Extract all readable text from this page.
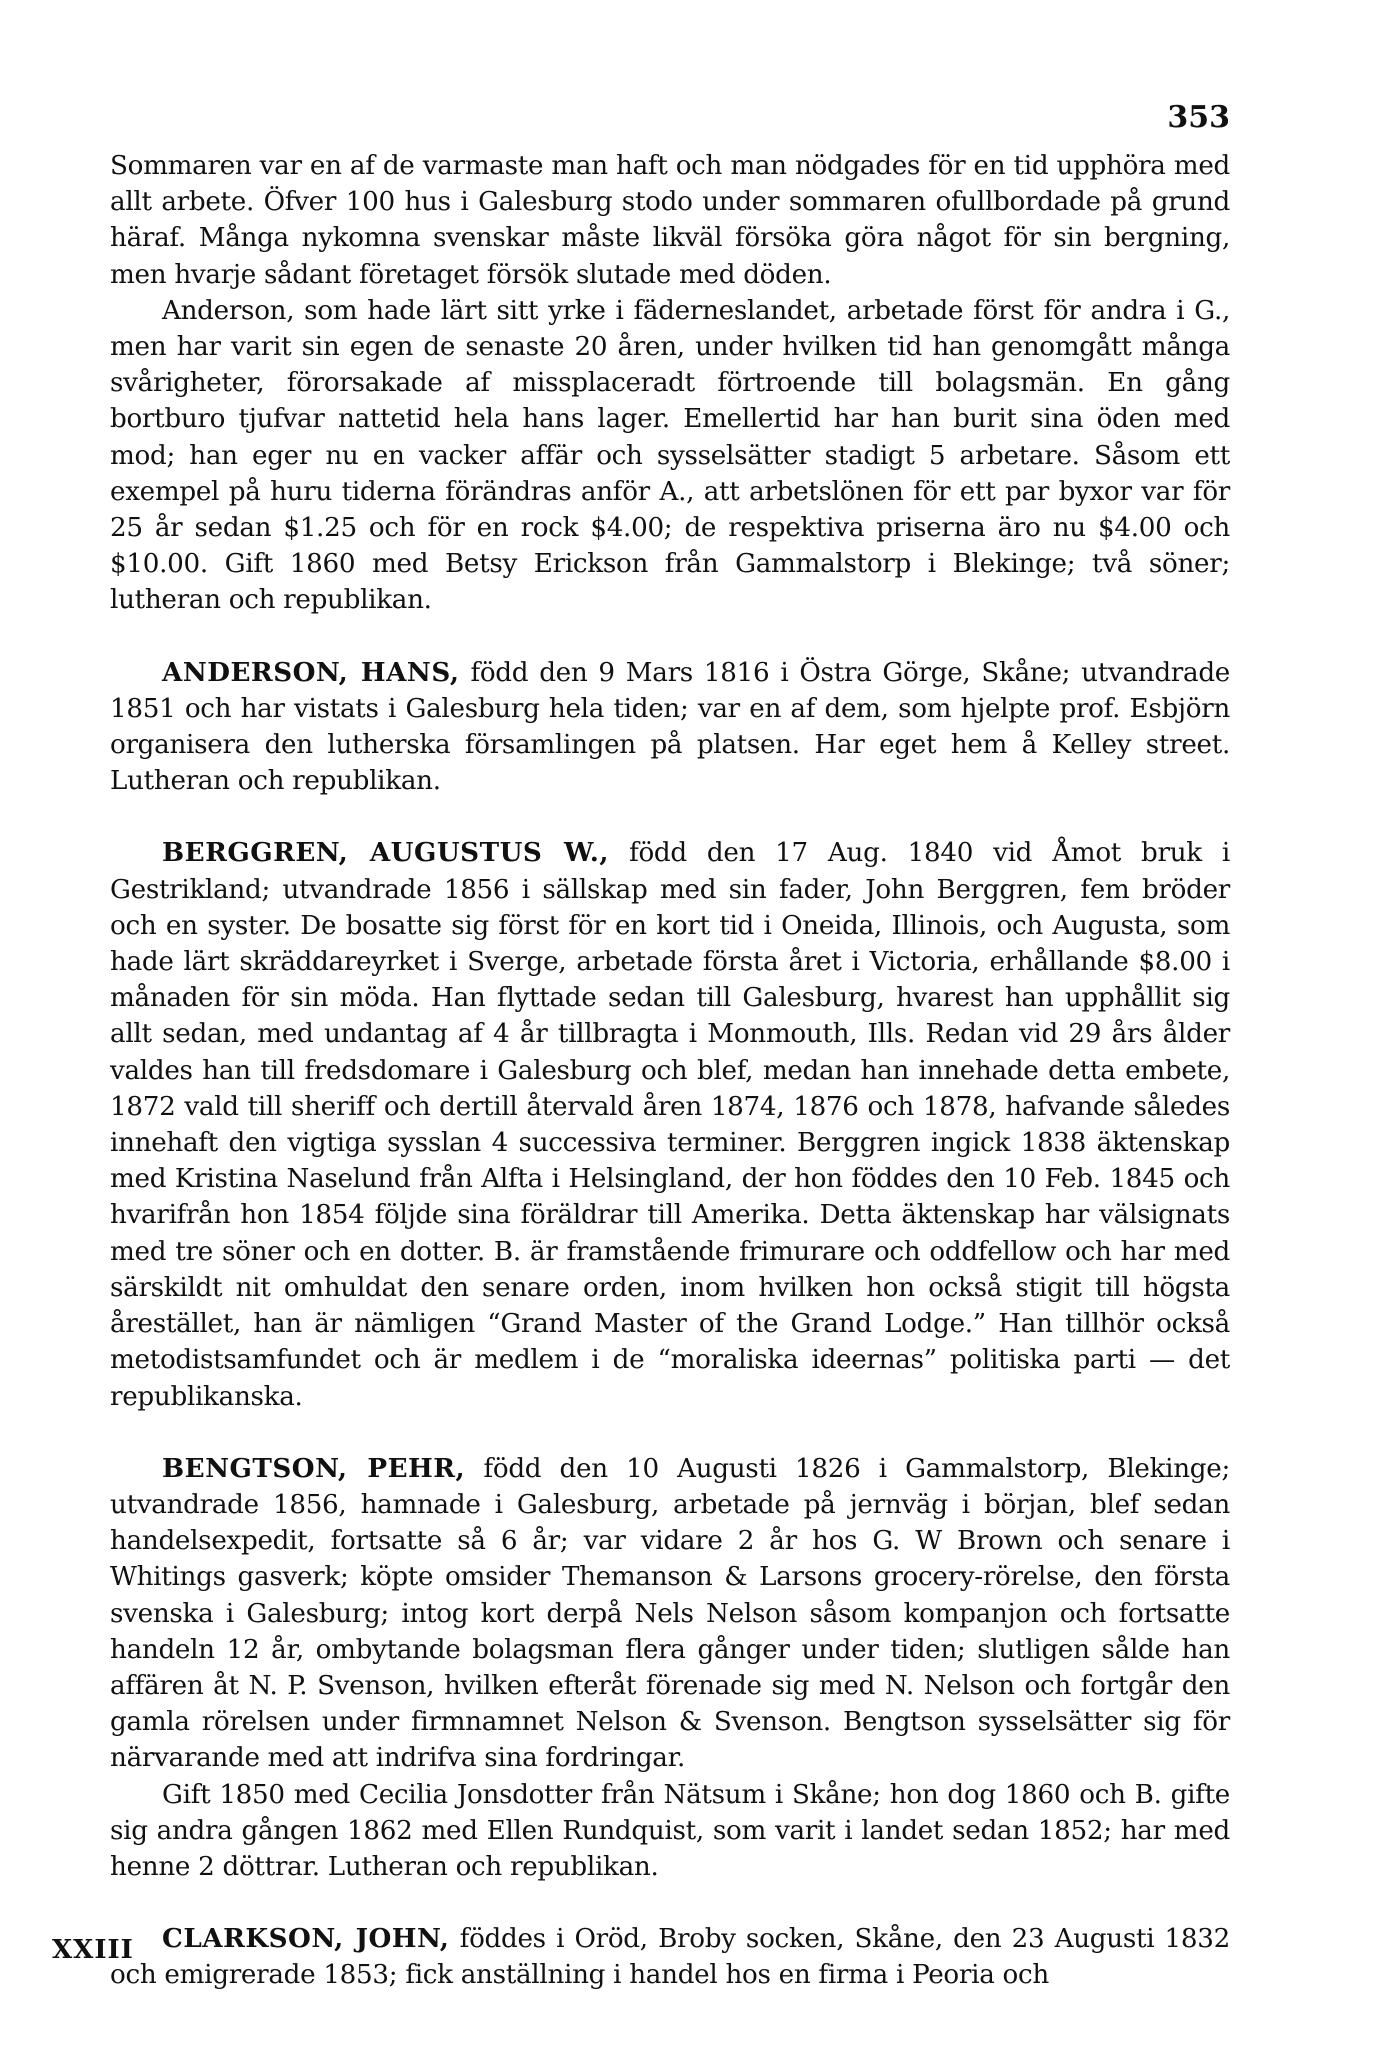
353

Sommaren var en af de varmaste man haft och man nödgades för en tid upphöra med allt arbete. Öfver 100 hus i Galesburg stodo under sommaren ofullbordade på grund häraf. Många nykomna svenskar måste likväl försöka göra något för sin bergning, men hvarje sådant företaget försök slutade med döden.

Anderson, som hade lärt sitt yrke i fäderneslandet, arbetade först för andra i G., men har varit sin egen de senaste 20 åren, under hvilken tid han genomgått många svårigheter, förorsakade af missplaceradt förtroende till bolagsmän. En gång bortburo tjufvar nattetid hela hans lager. Emellertid har han burit sina öden med mod; han eger nu en vacker affär och sysselsätter stadigt 5 arbetare. Såsom ett exempel på huru tiderna förändras anför A., att arbetslönen för ett par byxor var för 25 år sedan $1.25 och för en rock $4.00; de respektiva priserna äro nu $4.00 och $10.00. Gift 1860 med Betsy Erickson från Gammalstorp i Blekinge; två söner; lutheran och republikan.

ANDERSON, HANS, född den 9 Mars 1816 i Östra Görge, Skåne; utvandrade 1851 och har vistats i Galesburg hela tiden; var en af dem, som hjelpte prof. Esbjörn organisera den lutherska församlingen på platsen. Har eget hem å Kelley street. Lutheran och republikan.

BERGGREN, AUGUSTUS W., född den 17 Aug. 1840 vid Åmot bruk i Gestrikland; utvandrade 1856 i sällskap med sin fader, John Berggren, fem bröder och en syster. De bosatte sig först för en kort tid i Oneida, Illinois, och Augusta, som hade lärt skräddareyrket i Sverge, arbetade första året i Victoria, erhållande $8.00 i månaden för sin möda. Han flyttade sedan till Galesburg, hvarest han upphållit sig allt sedan, med undantag af 4 år tillbragta i Monmouth, Ills. Redan vid 29 års ålder valdes han till fredsdomare i Galesburg och blef, medan han innehade detta embete, 1872 vald till sheriff och dertill återvald åren 1874, 1876 och 1878, hafvande således innehaft den vigtiga sysslan 4 successiva terminer. Berggren ingick 1838 äktenskap med Kristina Naselund från Alfta i Helsingland, der hon föddes den 10 Feb. 1845 och hvarifrån hon 1854 följde sina föräldrar till Amerika. Detta äktenskap har välsignats med tre söner och en dotter. B. är framstående frimurare och oddfellow och har med särskildt nit omhuldat den senare orden, inom hvilken hon också stigit till högsta årestället, han är nämligen “Grand Master of the Grand Lodge.” Han tillhör också metodistsamfundet och är medlem i de “moraliska ideernas” politiska parti — det republikanska.

BENGTSON, PEHR, född den 10 Augusti 1826 i Gammalstorp, Blekinge; utvandrade 1856, hamnade i Galesburg, arbetade på jernväg i början, blef sedan handelsexpedit, fortsatte så 6 år; var vidare 2 år hos G. W Brown och senare i Whitings gasverk; köpte omsider Themanson & Larsons grocery-rörelse, den första svenska i Galesburg; intog kort derpå Nels Nelson såsom kompanjon och fortsatte handeln 12 år, ombytande bolagsman flera gånger under tiden; slutligen sålde han affären åt N. P. Svenson, hvilken efteråt förenade sig med N. Nelson och fortgår den gamla rörelsen under firmnamnet Nelson & Svenson. Bengtson sysselsätter sig för närvarande med att indrifva sina fordringar.

Gift 1850 med Cecilia Jonsdotter från Nätsum i Skåne; hon dog 1860 och B. gifte sig andra gången 1862 med Ellen Rundquist, som varit i landet sedan 1852; har med henne 2 döttrar. Lutheran och republikan.

CLARKSON, JOHN, föddes i Oröd, Broby socken, Skåne, den 23 Augusti 1832 och emigrerade 1853; fick anställning i handel hos en firma i Peoria och

XXIII
